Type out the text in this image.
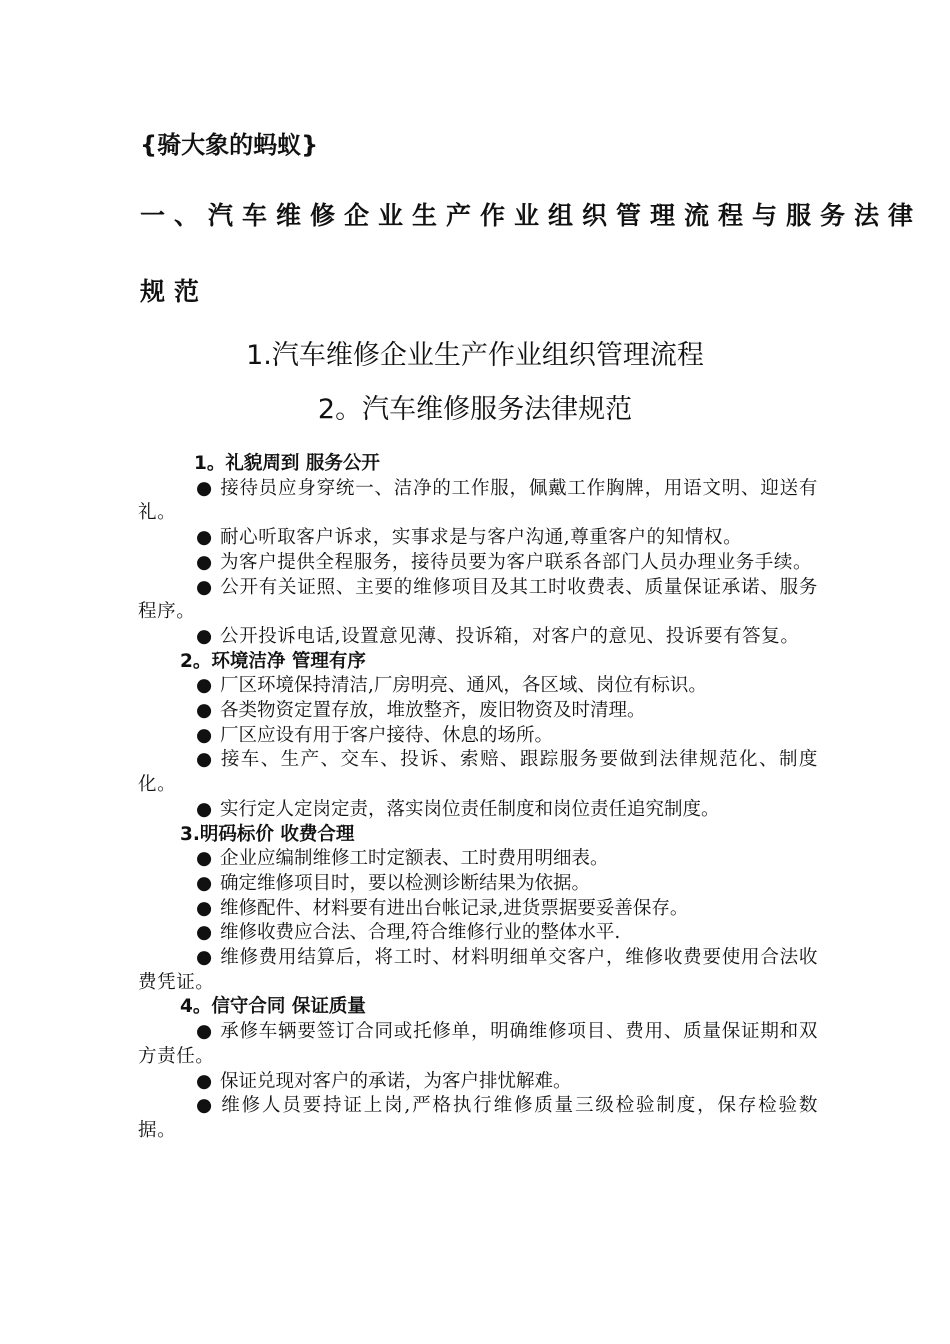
{骑大象的蚂蚁}
一、汽车维修企业生产作业组织管理流程与服务法律
规范
1.汽车维修企业生产作业组织管理流程
2。汽车维修服务法律规范
1。礼貌周到 服务公开
● 接待员应身穿统一、洁净的工作服，佩戴工作胸牌，用语文明、迎送有礼。
● 耐心听取客户诉求，实事求是与客户沟通,尊重客户的知情权。
● 为客户提供全程服务，接待员要为客户联系各部门人员办理业务手续。
● 公开有关证照、主要的维修项目及其工时收费表、质量保证承诺、服务程序。
● 公开投诉电话,设置意见薄、投诉箱，对客户的意见、投诉要有答复。
2。环境洁净 管理有序
● 厂区环境保持清洁,厂房明亮、通风，各区域、岗位有标识。
● 各类物资定置存放，堆放整齐，废旧物资及时清理。
● 厂区应设有用于客户接待、休息的场所。
● 接车、生产、交车、投诉、索赔、跟踪服务要做到法律规范化、制度化。
● 实行定人定岗定责，落实岗位责任制度和岗位责任追究制度。
3.明码标价 收费合理
● 企业应编制维修工时定额表、工时费用明细表。
● 确定维修项目时，要以检测诊断结果为依据。
● 维修配件、材料要有进出台帐记录,进货票据要妥善保存。
● 维修收费应合法、合理,符合维修行业的整体水平.
● 维修费用结算后，将工时、材料明细单交客户，维修收费要使用合法收费凭证。
4。信守合同 保证质量
● 承修车辆要签订合同或托修单，明确维修项目、费用、质量保证期和双方责任。
● 保证兑现对客户的承诺，为客户排忧解难。
● 维修人员要持证上岗,严格执行维修质量三级检验制度，保存检验数据。
